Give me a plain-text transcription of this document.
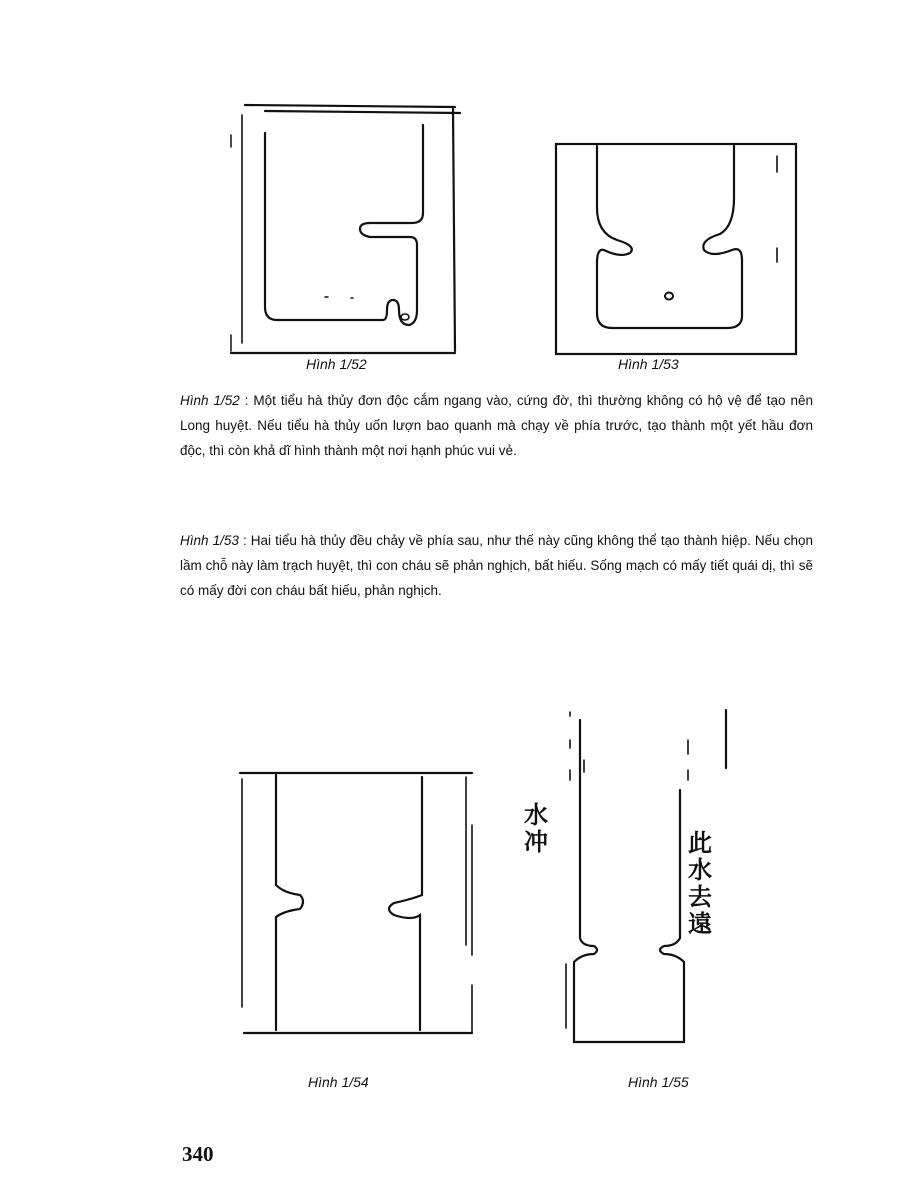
Hình 1/52	Hình 1/53
Hình 1/52 : Một tiểu hà thủy đơn độc cắm ngang vào, cứng đờ, thì thường không có hộ vệ để tạo nên Long huyệt. Nếu tiểu hà thủy uốn lượn bao quanh mà chạy về phía trước, tạo thành một yết hầu đơn độc, thì còn khả dĩ hình thành một nơi hạnh phúc vui vẻ.
Hình 1/53 : Hai tiểu hà thủy đều chảy về phía sau, như thế này cũng không thể tạo thành hiệp. Nếu chọn lầm chỗ này làm trạch huyệt, thì con cháu sẽ phản nghịch, bất hiếu. Sống mạch có mấy tiết quái dị, thì sẽ có mấy đời con cháu bất hiếu, phản nghịch.
Hình 1/54
水冲	此水去遠
Hình 1/55
340
